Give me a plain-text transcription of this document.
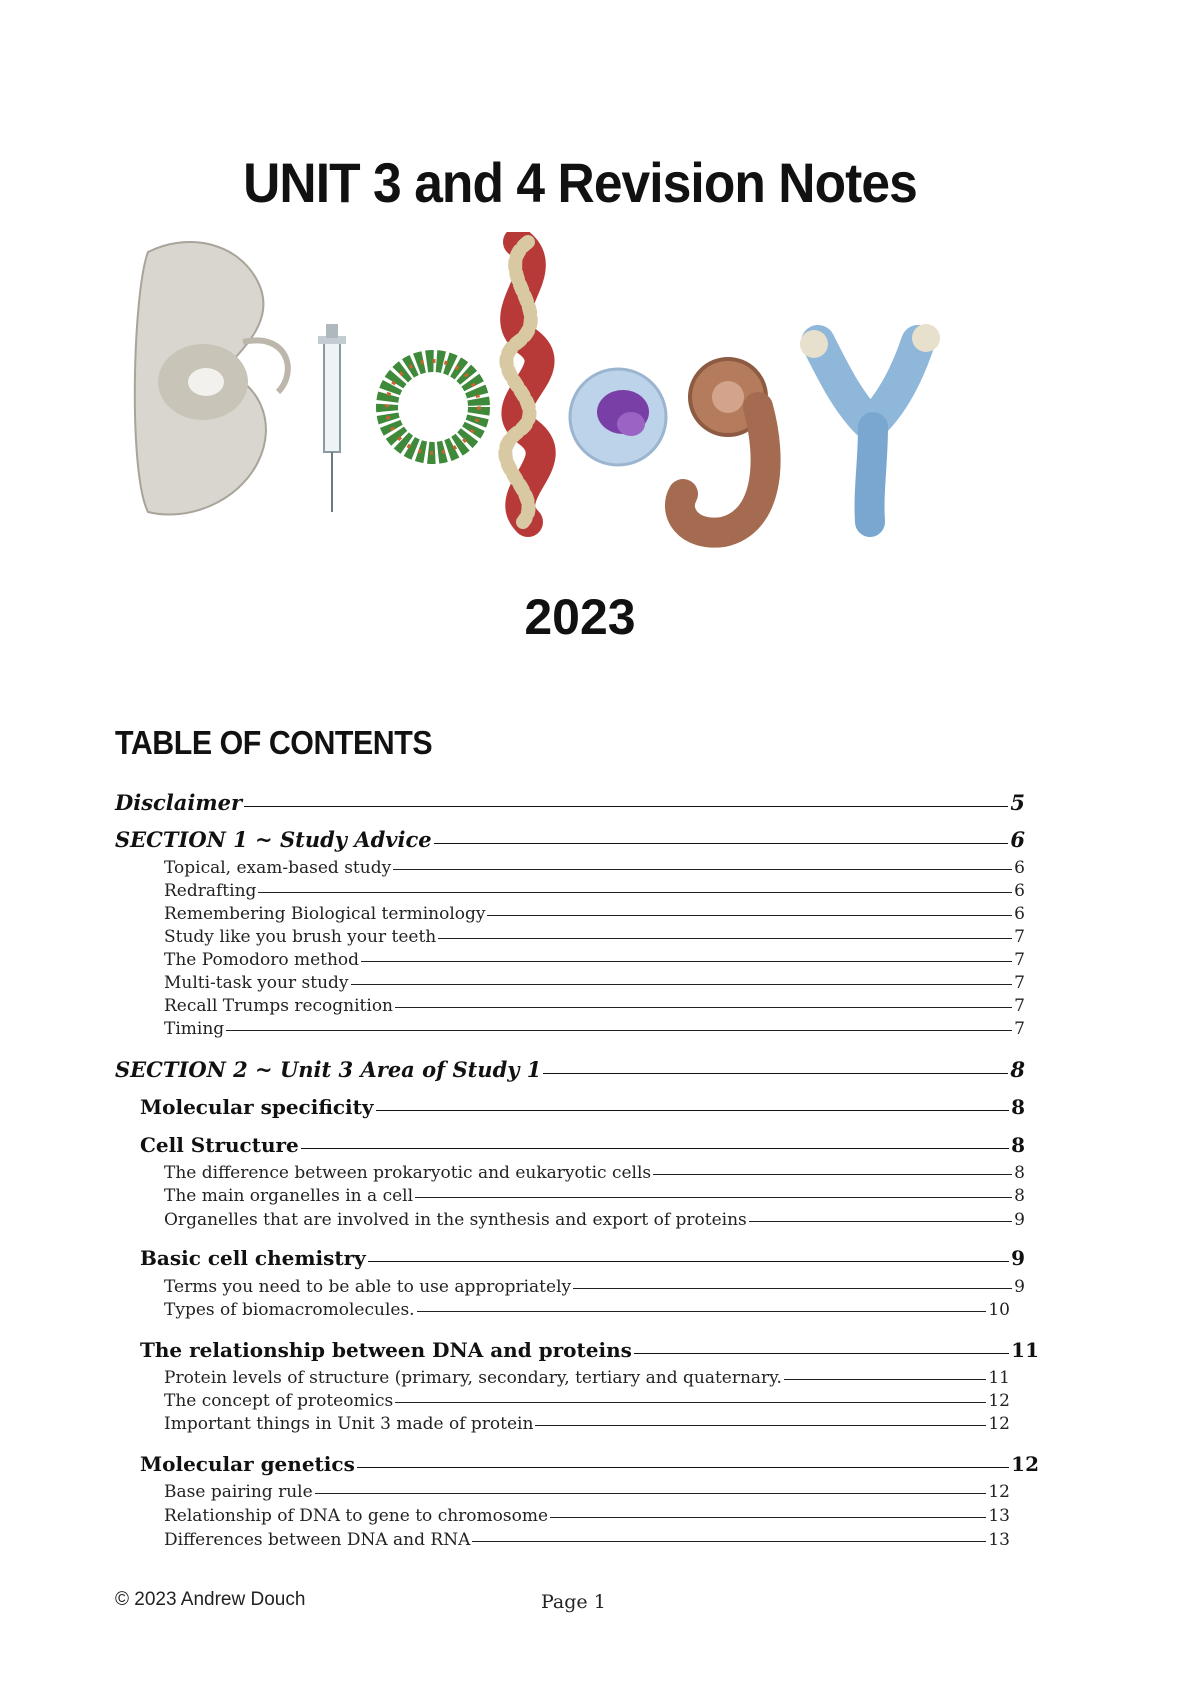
UNIT 3 and 4 Revision Notes
2023
TABLE OF CONTENTS
Disclaimer	5
SECTION 1 ~ Study Advice	6
Topical, exam-based study	6
Redrafting	6
Remembering Biological terminology	6
Study like you brush your teeth	7
The Pomodoro method	7
Multi-task your study	7
Recall Trumps recognition	7
Timing	7
SECTION 2 ~ Unit 3 Area of Study 1	8
Molecular specificity	8
Cell Structure	8
The difference between prokaryotic and eukaryotic cells	8
The main organelles in a cell	8
Organelles that are involved in the synthesis and export of proteins	9
Basic cell chemistry	9
Terms you need to be able to use appropriately	9
Types of biomacromolecules.	10
The relationship between DNA and proteins	11
Protein levels of structure (primary, secondary, tertiary and quaternary.	11
The concept of proteomics	12
Important things in Unit 3 made of protein	12
Molecular genetics	12
Base pairing rule	12
Relationship of DNA to gene to chromosome	13
Differences between DNA and RNA	13
© 2023 Andrew Douch	Page 1
